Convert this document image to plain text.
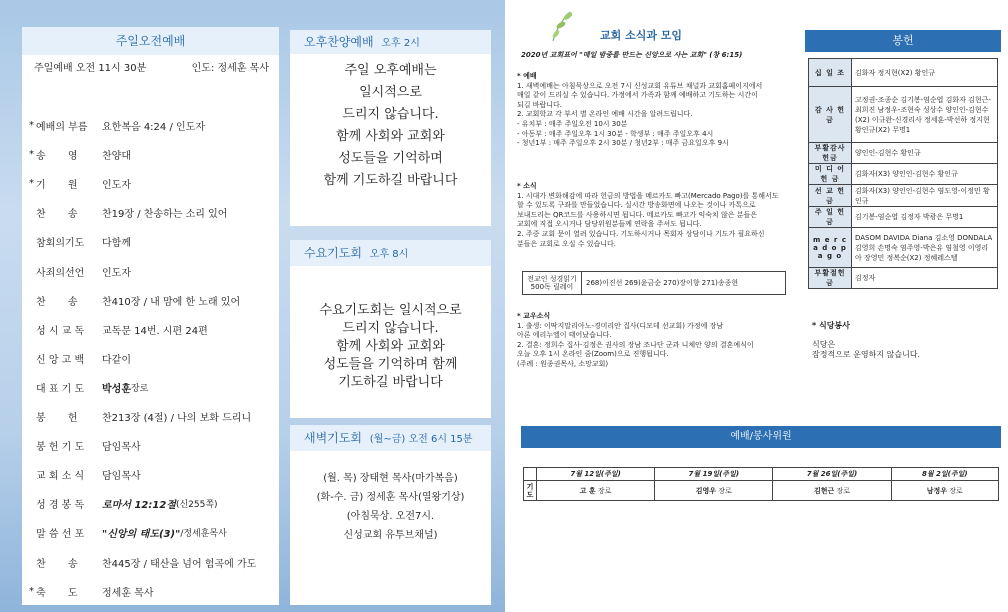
주일오전예배
주일예배 오전 11시 30분	인도: 정세훈 목사
* 예배의 부름	요한복음 4:24 / 인도자
* 송       영	찬양대
* 기       원	인도자
찬       송	찬19장 / 찬송하는 소리 있어
참회의기도	다함께
사죄의선언	인도자
찬       송	찬410장 / 내 맘에 한 노래 있어
성 시 교 독	교독문 14번. 시편 24편
신 앙 고 백	다같이
대 표 기 도	박성훈 장로
봉       헌	찬213장 (4절) / 나의 보화 드리니
봉 헌 기 도	담임목사
교 회 소 식	담임목사
성 경 봉 독	로마서 12:12절 (신255쪽)
말 씀 선 포	"신앙의 태도(3)" /정세훈목사
찬       송	찬445장 / 태산을 넘어 험곡에 가도
* 축       도	정세훈 목사
오후찬양예배 오후 2시
주일 오후예배는
일시적으로
드리지 않습니다.
함께 사회와 교회와
성도들을 기억하며
함께 기도하길 바랍니다
수요기도회 오후 8시
수요기도회는 일시적으로
드리지 않습니다.
함께 사회와 교회와
성도들을 기억하며 함께
기도하길 바랍니다
새벽기도회 (월~금) 오전 6시 15분
(월. 목) 장태현 목사(마가복음)
(화-수. 금) 정세훈 목사(열왕기상)
(아침묵상. 오전7시.
신성교회 유투브채널)
교회 소식과 모임
2020년 교회표어 "매일 밤중를 만드는 신앙으로 사는 교회" (창 6:15)
* 예배
1. 새벽예배는 아침묵상으로 오전 7시 신성교회 유튜브 채널과 교회홈페이지에서
매일 같이 드리실 수 있습니다. 가정에서 가족과 함께 예배하고 기도하는 시간이
되길 바랍니다.
2. 교회학교 각 부서 별 온라인 예배 시간을 알려드립니다.
- 유치부 : 매주 주일오전 10시 30분
- 아동부 : 매주 주일오후 1시 30분 - 학생부 : 매주 주일오후 4시
- 청년1부 : 매주 주일오후 2시 30분 / 청년2부 : 매주 금요일오후 9시
* 소식
1. 시대가 변화해감에 따라 헌금의 방법을 메르카도 빠고(Mercado Pago)를 통해서도
할 수 있도록 구좌를 만들었습니다. 실시간 방송화면에 나오는 것이나 카톡으로
보내드리는 QR코드를 사용하시면 됩니다. 메르카도 빠고가 익숙치 않은 분들은
교회에 직접 오시거나 담당위원분들께 연락을 주셔도 됩니다.
2. 주중 교회 문이 열려 있습니다. 기도하시거나 목회자 상담이나 기도가 필요하신
분들은 교회로 오실 수 있습니다.
전교인 성경읽기 500독 릴레이	268)이진선 269)윤금순 270)장이향 271)송종현
* 교우소식
1. 출생: 이딱지말리아노-경미리안 집사(디모데 선교회) 가정에 장남
아론 에리누엘이 태어났습니다.
2. 결혼: 정희수 집사-김정은 권사의 장남 조나단 군과 니체안 양의 결혼예식이
오늘 오후 1시 온라인 줌(Zoom)으로 진행됩니다.
(주례 : 원종권목사, 소망교회)
봉헌
십 일 조	김화자 정지현(X2) 황인규
감 사 헌 금	고정권-조종순 김기봉-염순엽 김화자 김현근-최희진 남정우-조현숙 성상수 양인인-김현수(X2) 이규완-신경리사 정세훈-박선하 정지현 황인규(X2) 무명1
부활감사헌금	양인인-김현수 황인규
미 디 어 헌 금	김화자(X3) 양인인-김현수 황인규
선 교 헌 금	김화자(X3) 양인인-김현수 염도영-이정민 황인규
주 일 헌 금	김기봉-염순엽 김정자 박광은 무명1
m e r c a d o p a g o	DASOM DAVIDA Diana 김소영 DONDALA 김영희 손명숙 염주영-박은유 염철영 이영리아 장영민 정복순(X2) 정혜레스텔
부활절헌금	김정자
* 식당봉사
식당은
잠정적으로 운영하지 않습니다.
예배/봉사위원
	7월 12일(주일)	7월 19일(주일)	7월 26일(주일)	8월 2일(주일)
기도	고 훈 장로	김영우 장로	김현근 장로	남정우 장로
